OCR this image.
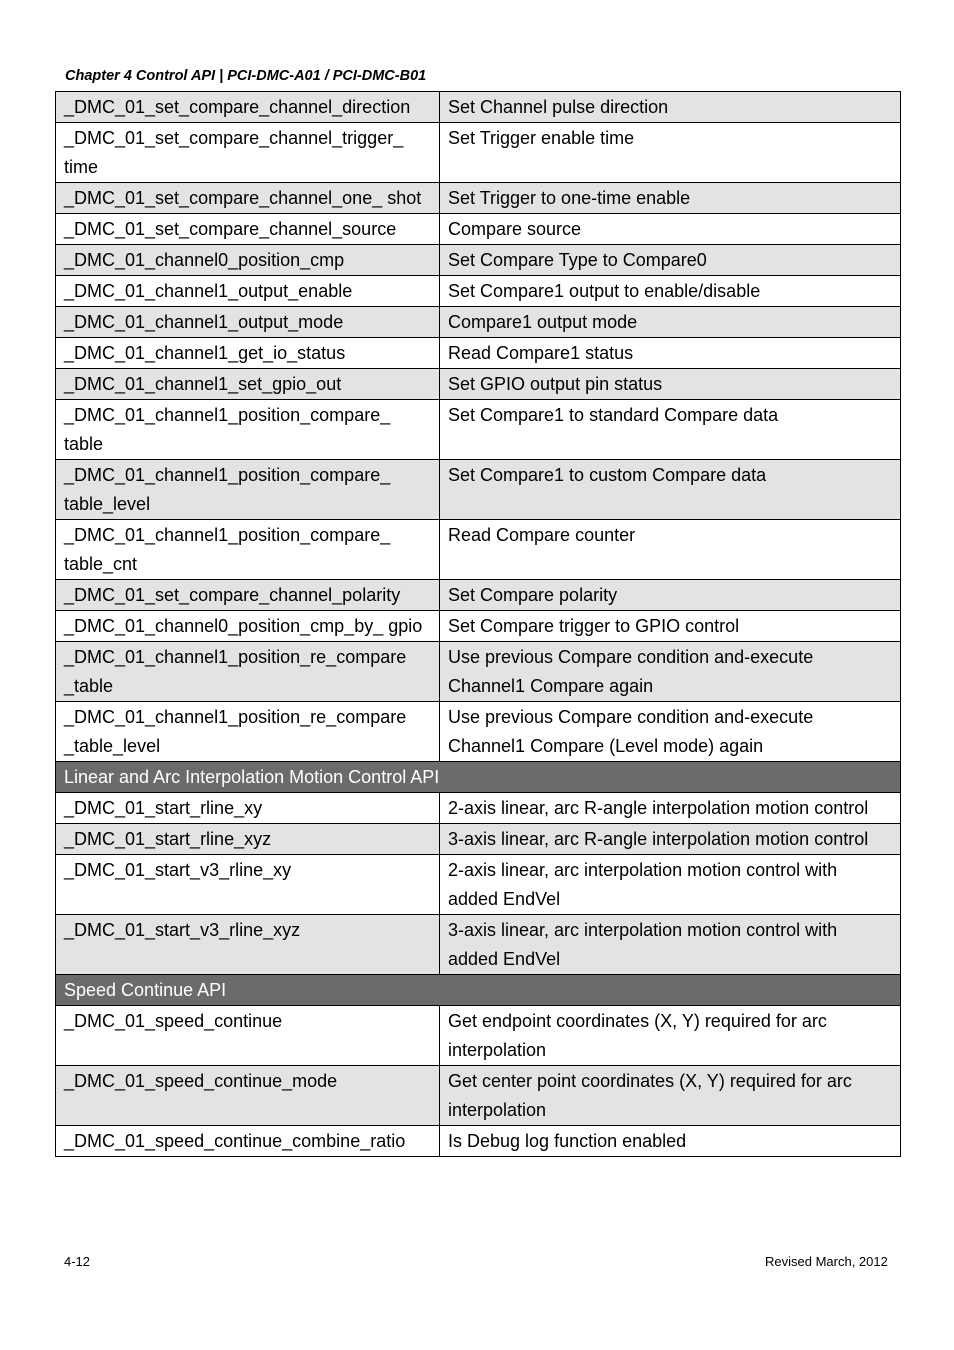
Chapter 4 Control API | PCI-DMC-A01 / PCI-DMC-B01
_DMC_01_set_compare_channel_direction	Set Channel pulse direction
_DMC_01_set_compare_channel_trigger_ time	Set Trigger enable time
_DMC_01_set_compare_channel_one_ shot	Set Trigger to one-time enable
_DMC_01_set_compare_channel_source	Compare source
_DMC_01_channel0_position_cmp	Set Compare Type to Compare0
_DMC_01_channel1_output_enable	Set Compare1 output to enable/disable
_DMC_01_channel1_output_mode	Compare1 output mode
_DMC_01_channel1_get_io_status	Read Compare1 status
_DMC_01_channel1_set_gpio_out	Set GPIO output pin status
_DMC_01_channel1_position_compare_ table	Set Compare1 to standard Compare data
_DMC_01_channel1_position_compare_ table_level	Set Compare1 to custom Compare data
_DMC_01_channel1_position_compare_ table_cnt	Read Compare counter
_DMC_01_set_compare_channel_polarity	Set Compare polarity
_DMC_01_channel0_position_cmp_by_ gpio	Set Compare trigger to GPIO control
_DMC_01_channel1_position_re_compare _table	Use previous Compare condition and-execute Channel1 Compare again
_DMC_01_channel1_position_re_compare _table_level	Use previous Compare condition and-execute Channel1 Compare (Level mode) again
Linear and Arc Interpolation Motion Control API	
_DMC_01_start_rline_xy	2-axis linear, arc R-angle interpolation motion control
_DMC_01_start_rline_xyz	3-axis linear, arc R-angle interpolation motion control
_DMC_01_start_v3_rline_xy	2-axis linear, arc interpolation motion control with added EndVel
_DMC_01_start_v3_rline_xyz	3-axis linear, arc interpolation motion control with added EndVel
Speed Continue API	
_DMC_01_speed_continue	Get endpoint coordinates (X, Y) required for arc interpolation
_DMC_01_speed_continue_mode	Get center point coordinates (X, Y) required for arc interpolation
_DMC_01_speed_continue_combine_ratio	Is Debug log function enabled
4-12	Revised March, 2012
